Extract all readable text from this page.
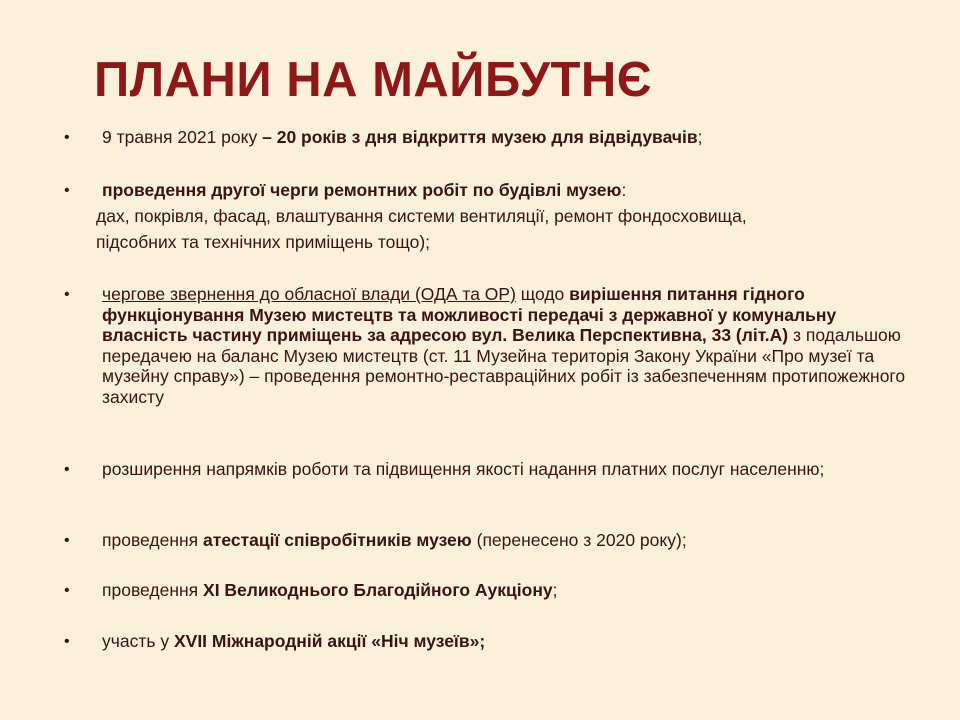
ПЛАНИ НА МАЙБУТНЄ
• 9 травня 2021 року – 20 років з дня відкриття музею для відвідувачів;
• проведення другої черги ремонтних робіт по будівлі музею:
дах, покрівля, фасад, влаштування системи вентиляції, ремонт фондосховища,
підсобних та технічних приміщень тощо);
• чергове звернення до обласної влади (ОДА та ОР) щодо вирішення питання гідного функціонування Музею мистецтв та можливості передачі з державної у комунальну власність частину приміщень за адресою вул. Велика Перспективна, 33 (літ.А) з подальшою передачею на баланс Музею мистецтв (ст. 11 Музейна територія Закону України «Про музеї та музейну справу») – проведення ремонтно-реставраційних робіт із забезпеченням протипожежного захисту
• розширення напрямків роботи та підвищення якості надання платних послуг населенню;
• проведення атестації співробітників музею (перенесено з 2020 року);
• проведення ХІ Великоднього Благодійного Аукціону;
• участь у XVII Міжнародній акції «Ніч музеїв»;
